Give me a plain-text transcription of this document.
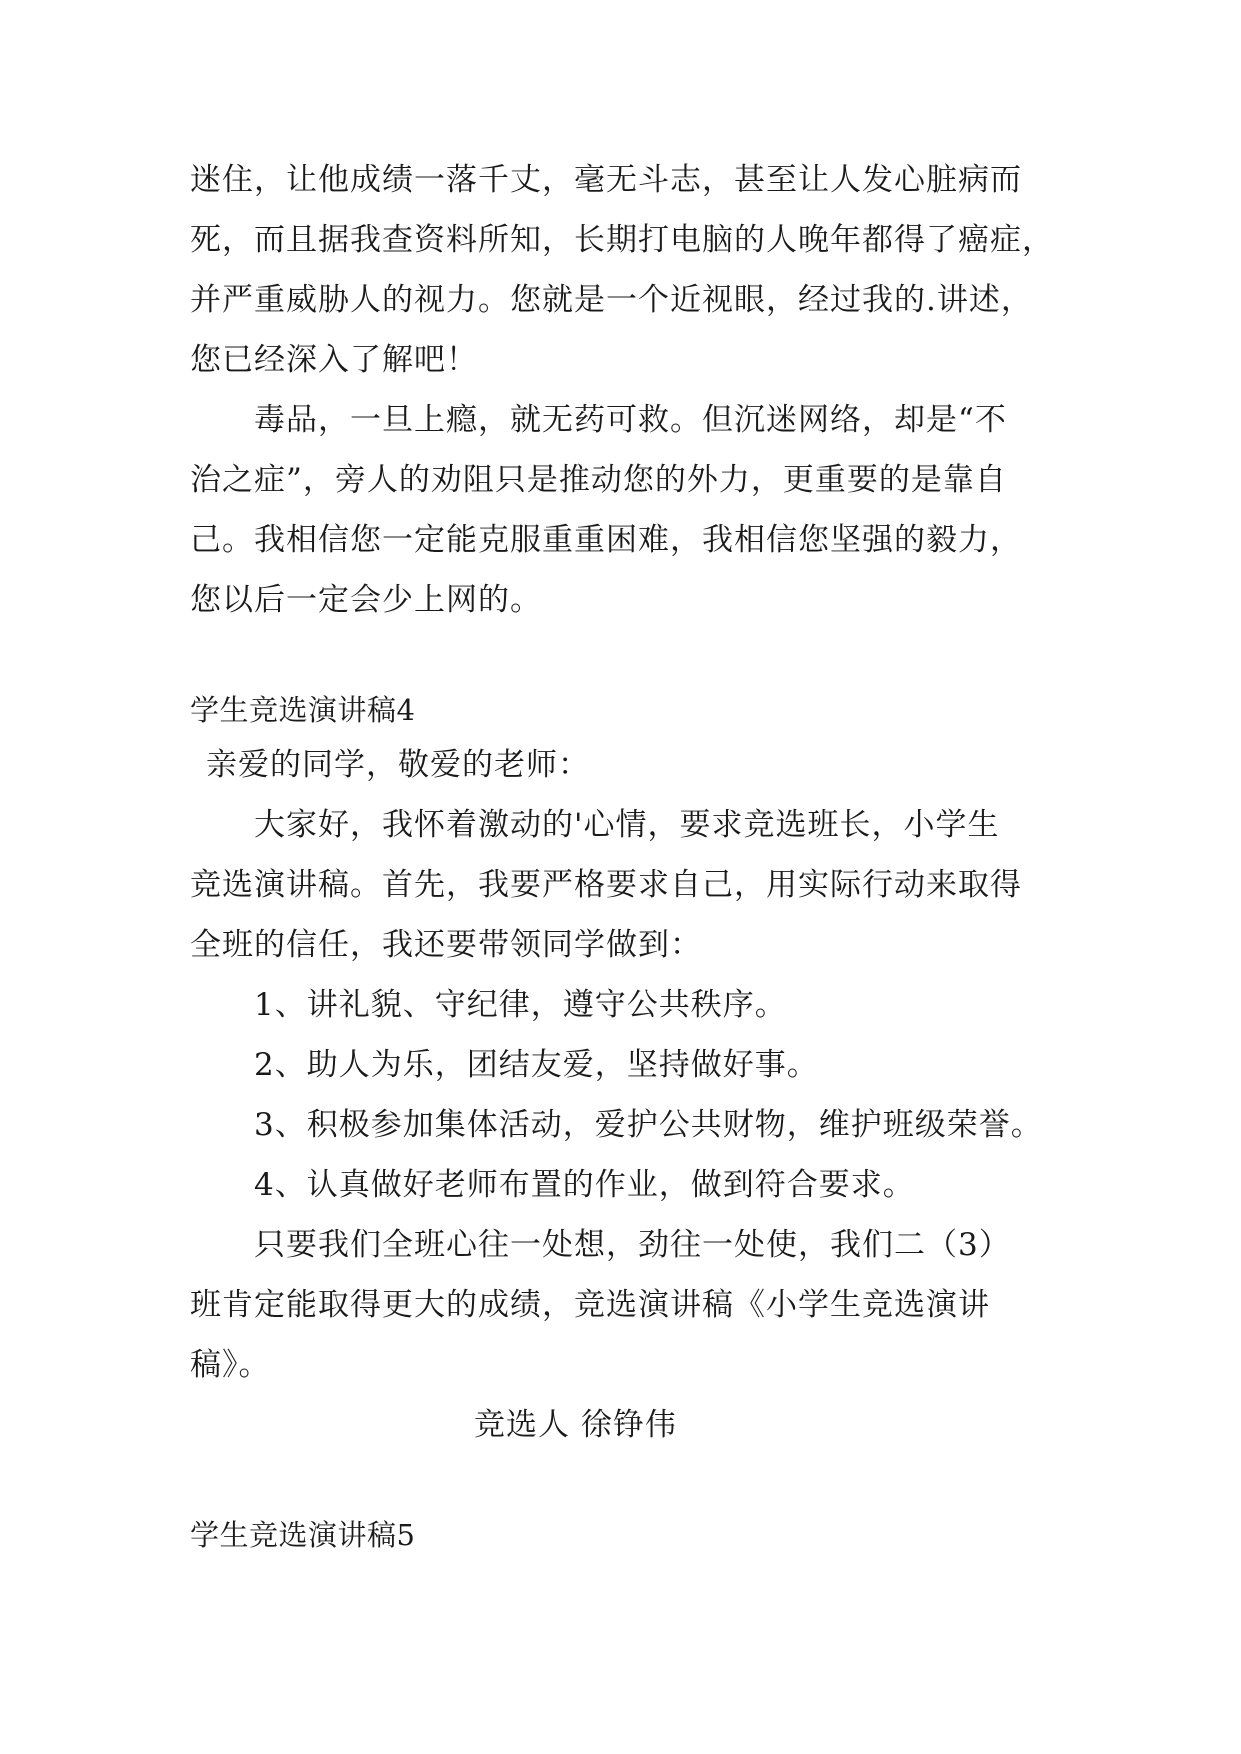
迷住，让他成绩一落千丈，毫无斗志，甚至让人发心脏病而
死，而且据我查资料所知，长期打电脑的人晚年都得了癌症，
并严重威胁人的视力。您就是一个近视眼，经过我的.讲述，
您已经深入了解吧！
毒品，一旦上瘾，就无药可救。但沉迷网络，却是“不
治之症”，旁人的劝阻只是推动您的外力，更重要的是靠自
己。我相信您一定能克服重重困难，我相信您坚强的毅力，
您以后一定会少上网的。
学生竞选演讲稿4
亲爱的同学，敬爱的老师：
大家好，我怀着激动的'心情，要求竞选班长，小学生
竞选演讲稿。首先，我要严格要求自己，用实际行动来取得
全班的信任，我还要带领同学做到：
1、讲礼貌、守纪律，遵守公共秩序。
2、助人为乐，团结友爱，坚持做好事。
3、积极参加集体活动，爱护公共财物，维护班级荣誉。
4、认真做好老师布置的作业，做到符合要求。
只要我们全班心往一处想，劲往一处使，我们二（3）
班肯定能取得更大的成绩，竞选演讲稿《小学生竞选演讲
稿》。
竞选人 徐铮伟
学生竞选演讲稿5
